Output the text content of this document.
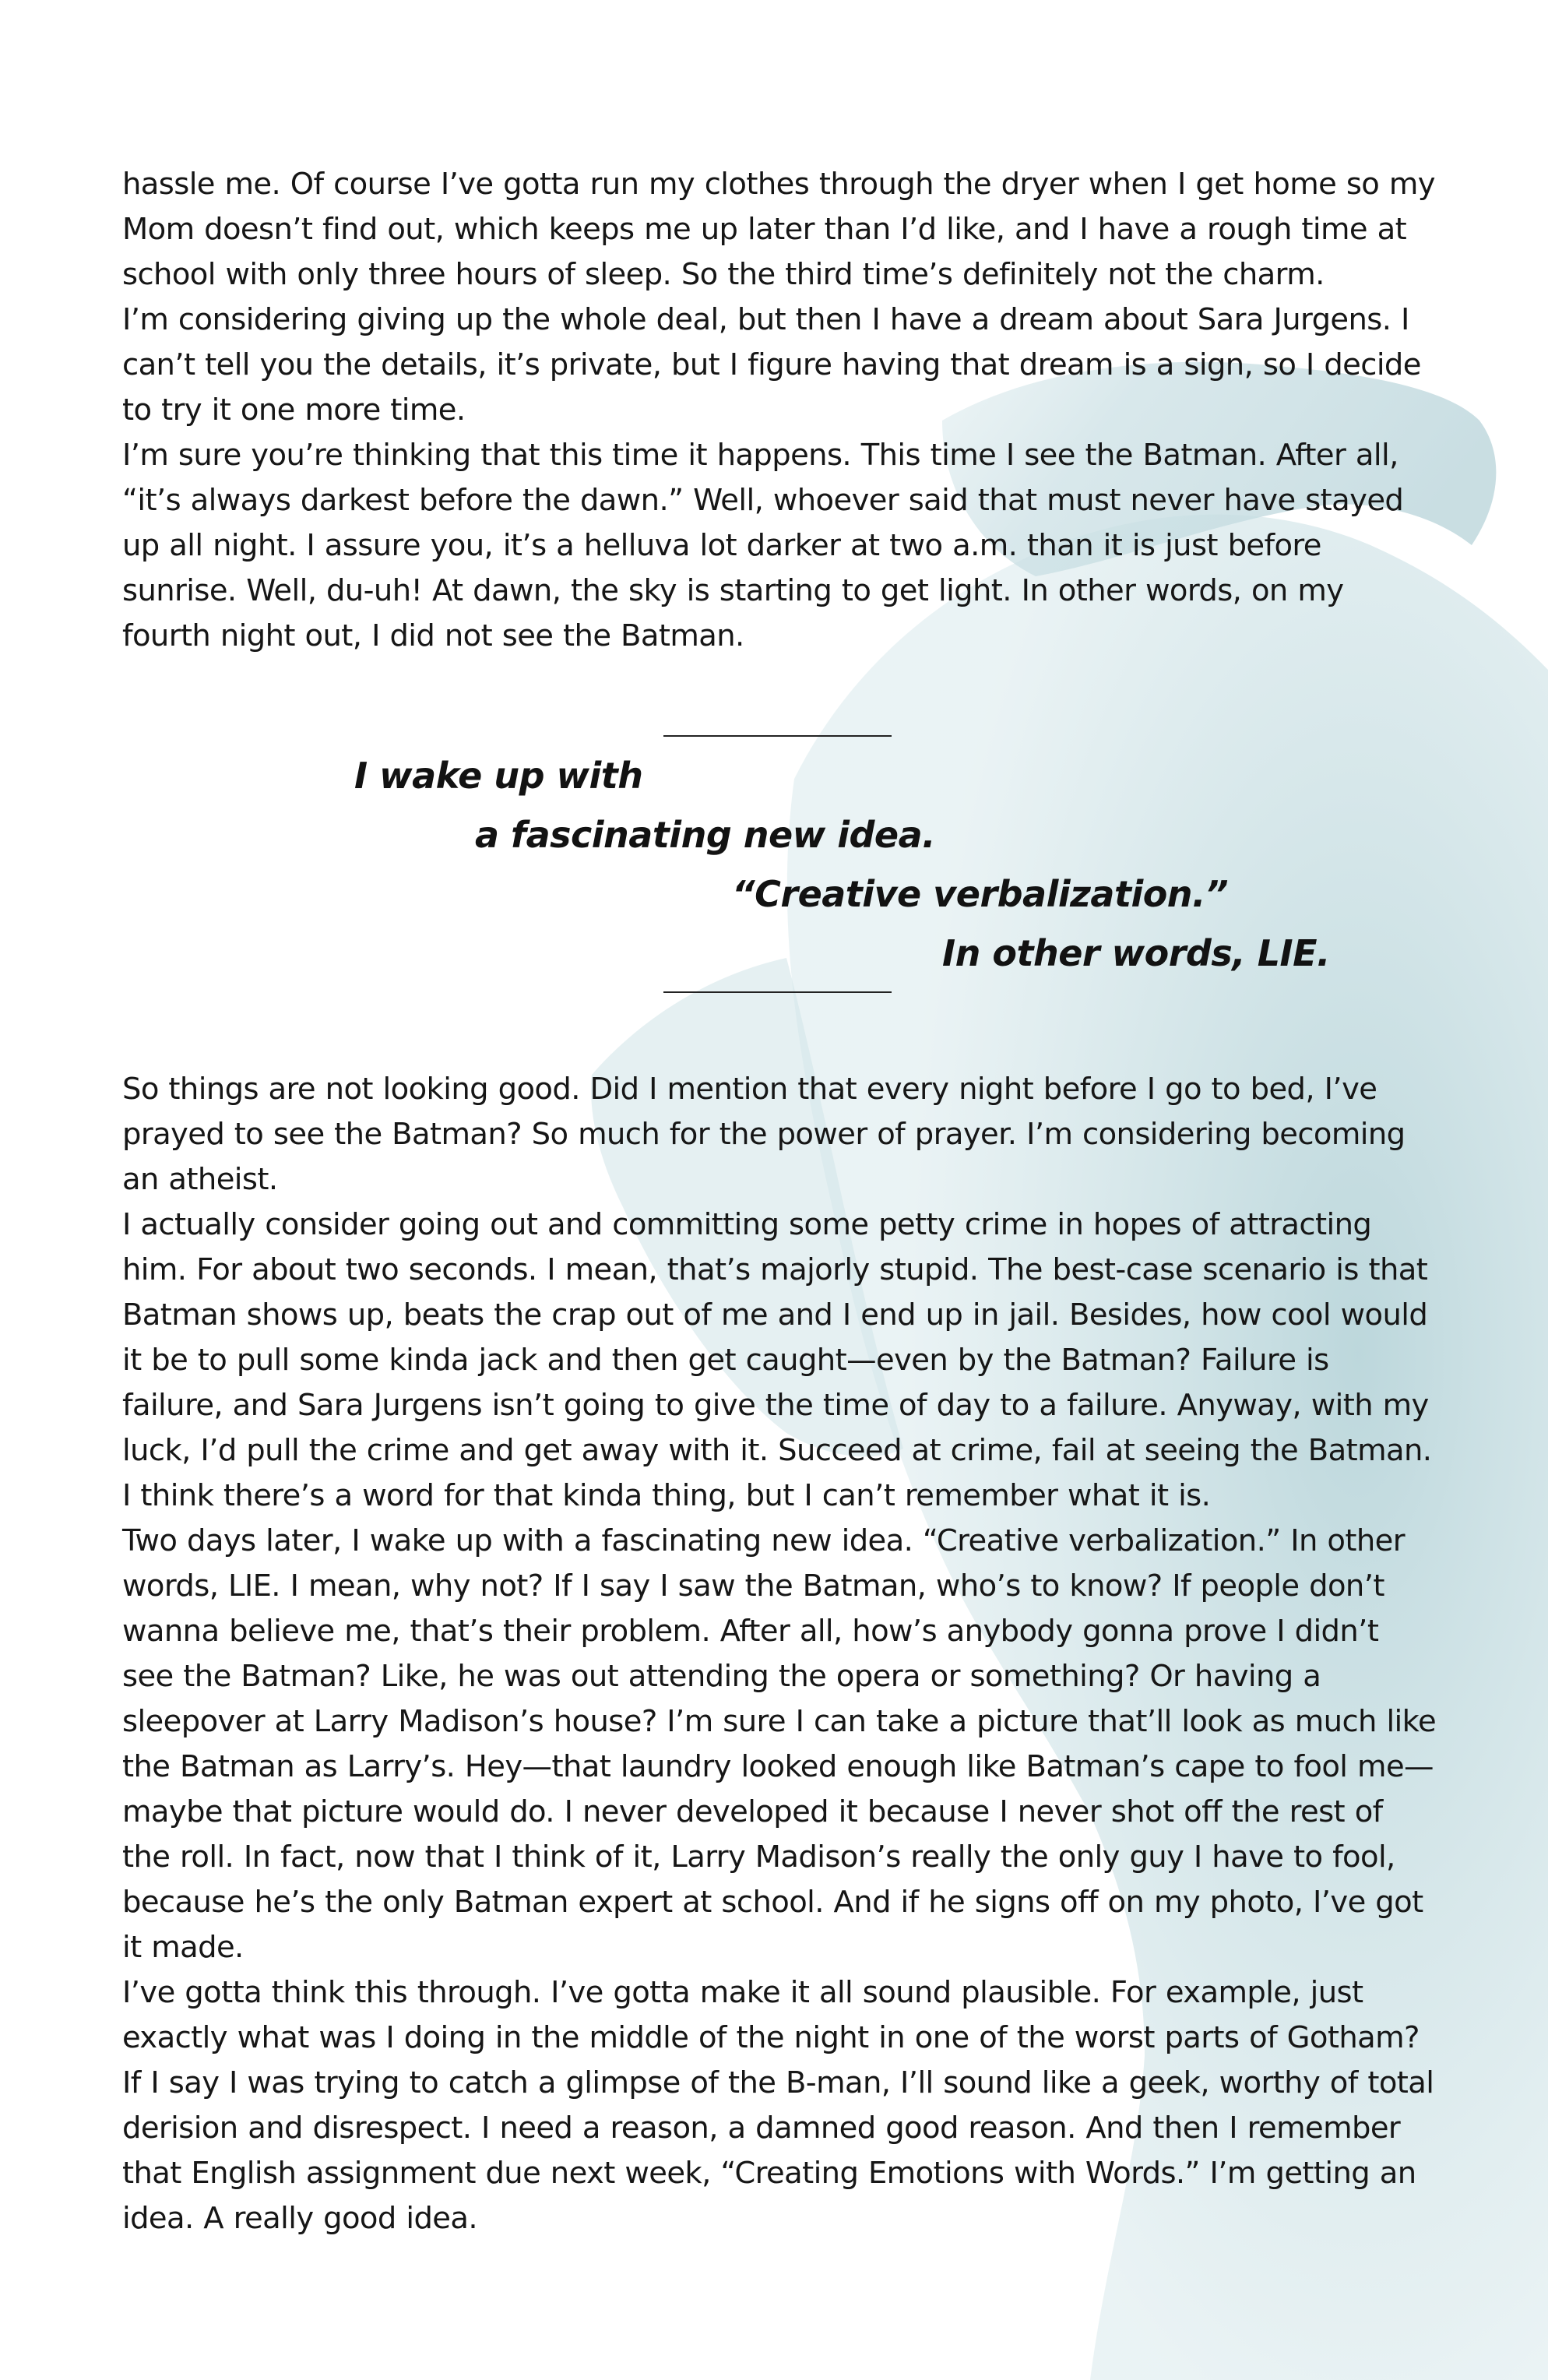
hassle me. Of course I’ve gotta run my clothes through the dryer when I get home so my Mom doesn’t find out, which keeps me up later than I’d like, and I have a rough time at school with only three hours of sleep. So the third time’s definitely not the charm.

I’m considering giving up the whole deal, but then I have a dream about Sara Jurgens. I can’t tell you the details, it’s private, but I figure having that dream is a sign, so I decide to try it one more time.

I’m sure you’re thinking that this time it happens. This time I see the Batman. After all, “it’s always darkest before the dawn.” Well, whoever said that must never have stayed up all night. I assure you, it’s a helluva lot darker at two a.m. than it is just before sunrise. Well, du-uh! At dawn, the sky is starting to get light. In other words, on my fourth night out, I did not see the Batman.

I wake up with
a fascinating new idea.
“Creative verbalization.”
In other words, LIE.

So things are not looking good. Did I mention that every night before I go to bed, I’ve prayed to see the Batman? So much for the power of prayer. I’m considering becoming an atheist.

I actually consider going out and committing some petty crime in hopes of attracting him. For about two seconds. I mean, that’s majorly stupid. The best-case scenario is that Batman shows up, beats the crap out of me and I end up in jail. Besides, how cool would it be to pull some kinda jack and then get caught—even by the Batman? Failure is failure, and Sara Jurgens isn’t going to give the time of day to a failure. Anyway, with my luck, I’d pull the crime and get away with it. Succeed at crime, fail at seeing the Batman. I think there’s a word for that kinda thing, but I can’t remember what it is.

Two days later, I wake up with a fascinating new idea. “Creative verbalization.” In other words, LIE. I mean, why not? If I say I saw the Batman, who’s to know? If people don’t wanna believe me, that’s their problem. After all, how’s anybody gonna prove I didn’t see the Batman? Like, he was out attending the opera or something? Or having a sleepover at Larry Madison’s house? I’m sure I can take a picture that’ll look as much like the Batman as Larry’s. Hey—that laundry looked enough like Batman’s cape to fool me—maybe that picture would do. I never developed it because I never shot off the rest of the roll. In fact, now that I think of it, Larry Madison’s really the only guy I have to fool, because he’s the only Batman expert at school. And if he signs off on my photo, I’ve got it made.

I’ve gotta think this through. I’ve gotta make it all sound plausible. For example, just exactly what was I doing in the middle of the night in one of the worst parts of Gotham? If I say I was trying to catch a glimpse of the B-man, I’ll sound like a geek, worthy of total derision and disrespect. I need a reason, a damned good reason. And then I remember that English assignment due next week, “Creating Emotions with Words.” I’m getting an idea. A really good idea.
